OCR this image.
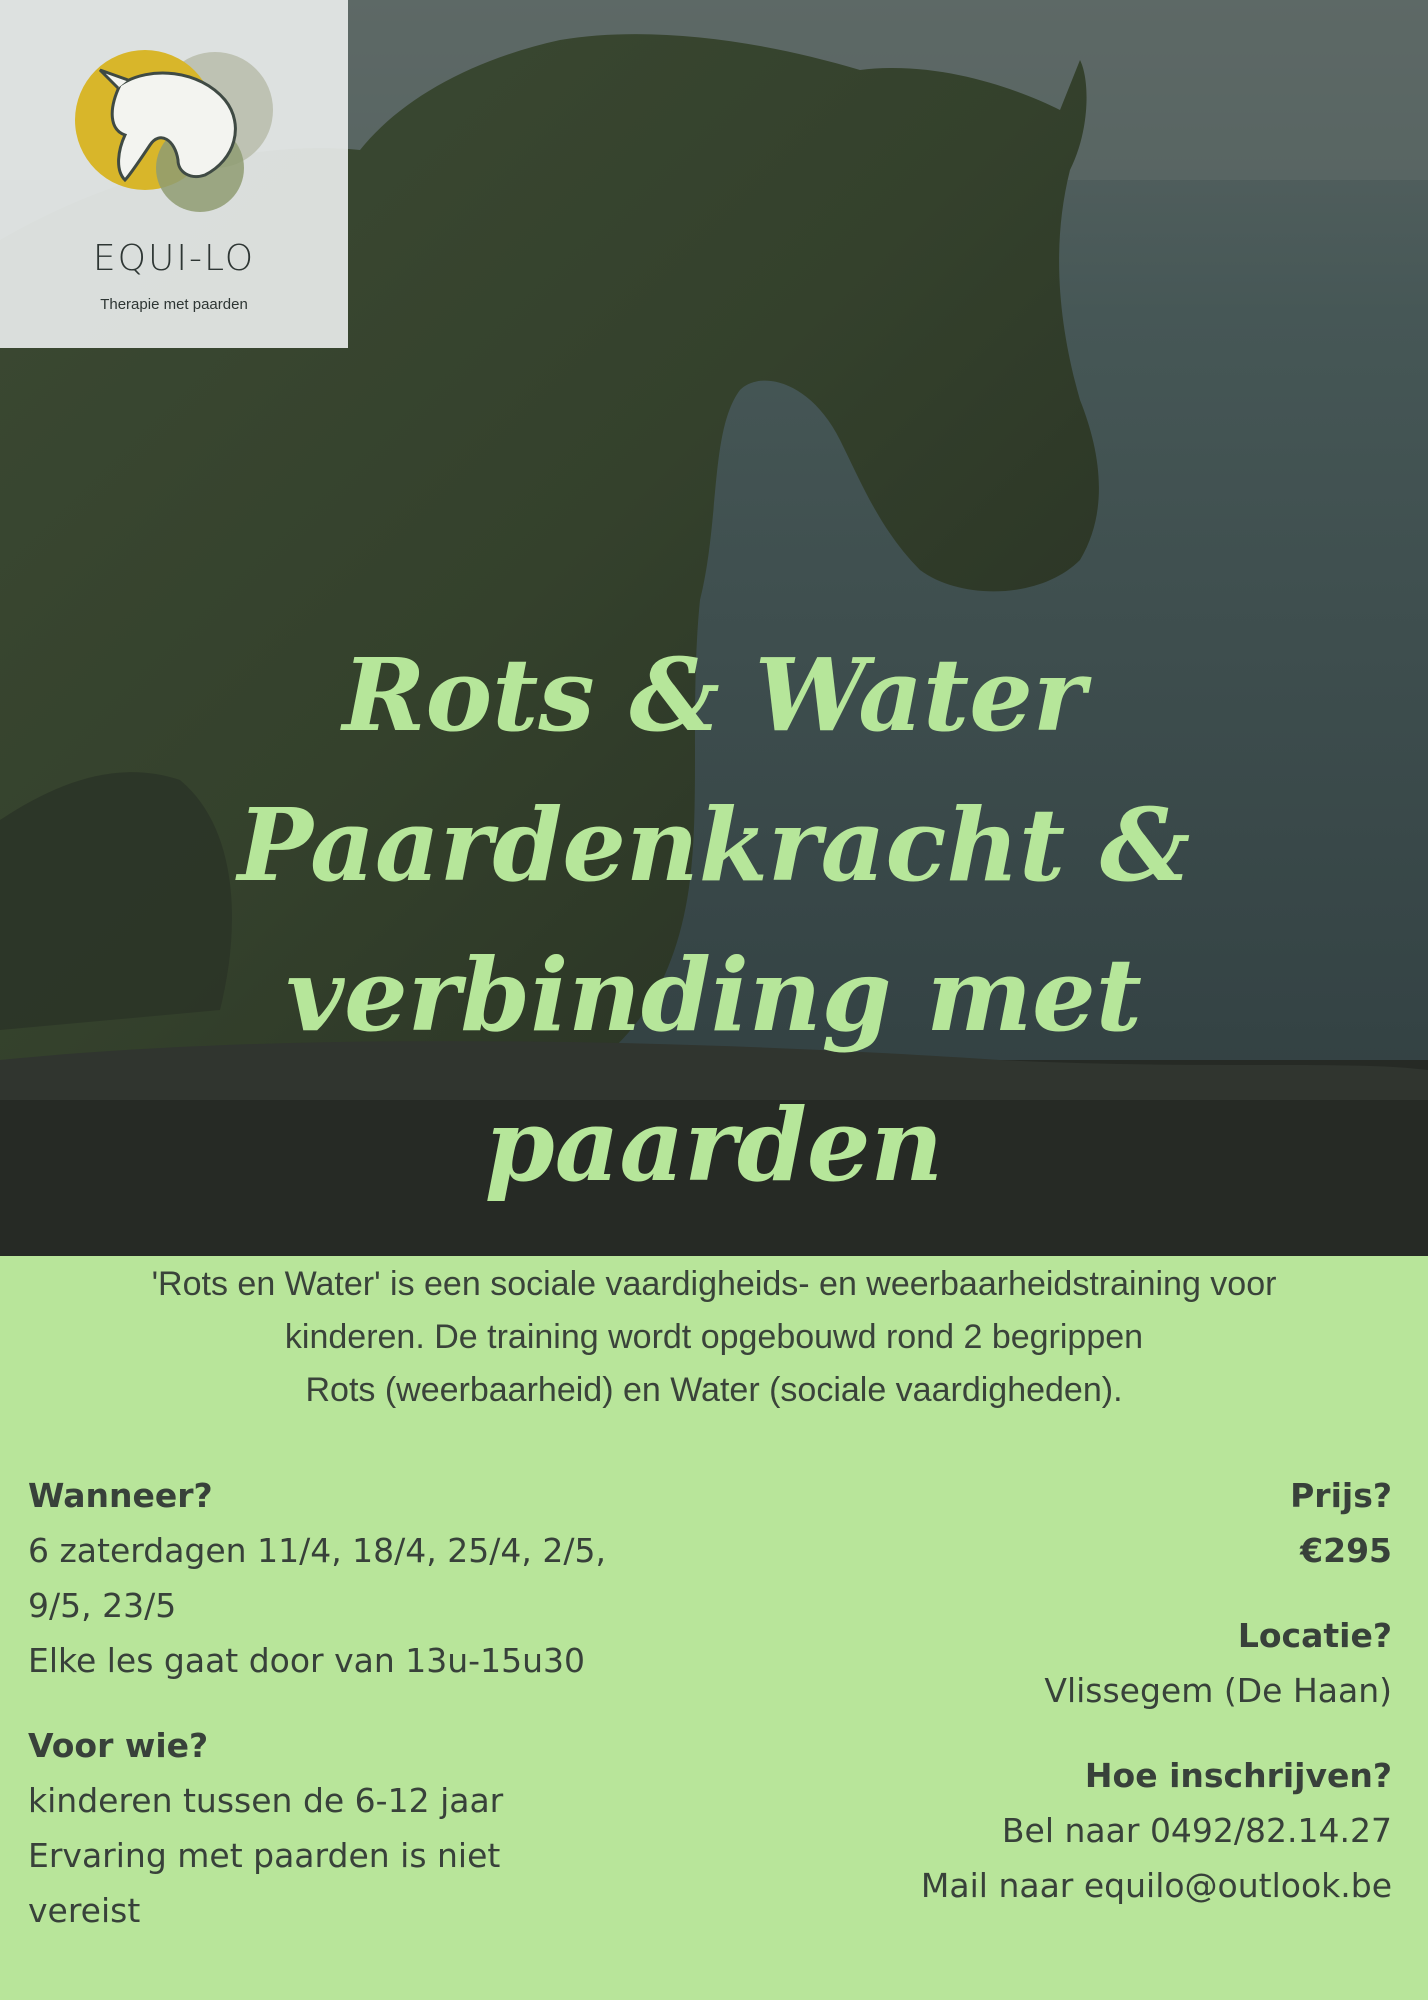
EQUI-LO
Therapie met paarden
Rots & Water
Paardenkracht &
verbinding met
paarden
'Rots en Water' is een sociale vaardigheids- en weerbaarheidstraining voor
kinderen. De training wordt opgebouwd rond 2 begrippen
Rots (weerbaarheid) en Water (sociale vaardigheden).
Wanneer?
6 zaterdagen 11/4, 18/4, 25/4, 2/5,
9/5, 23/5
Elke les gaat door van 13u-15u30
Voor wie?
kinderen tussen de 6-12 jaar
Ervaring met paarden is niet
vereist
Prijs?
€295
Locatie?
Vlissegem (De Haan)
Hoe inschrijven?
Bel naar 0492/82.14.27
Mail naar equilo@outlook.be
